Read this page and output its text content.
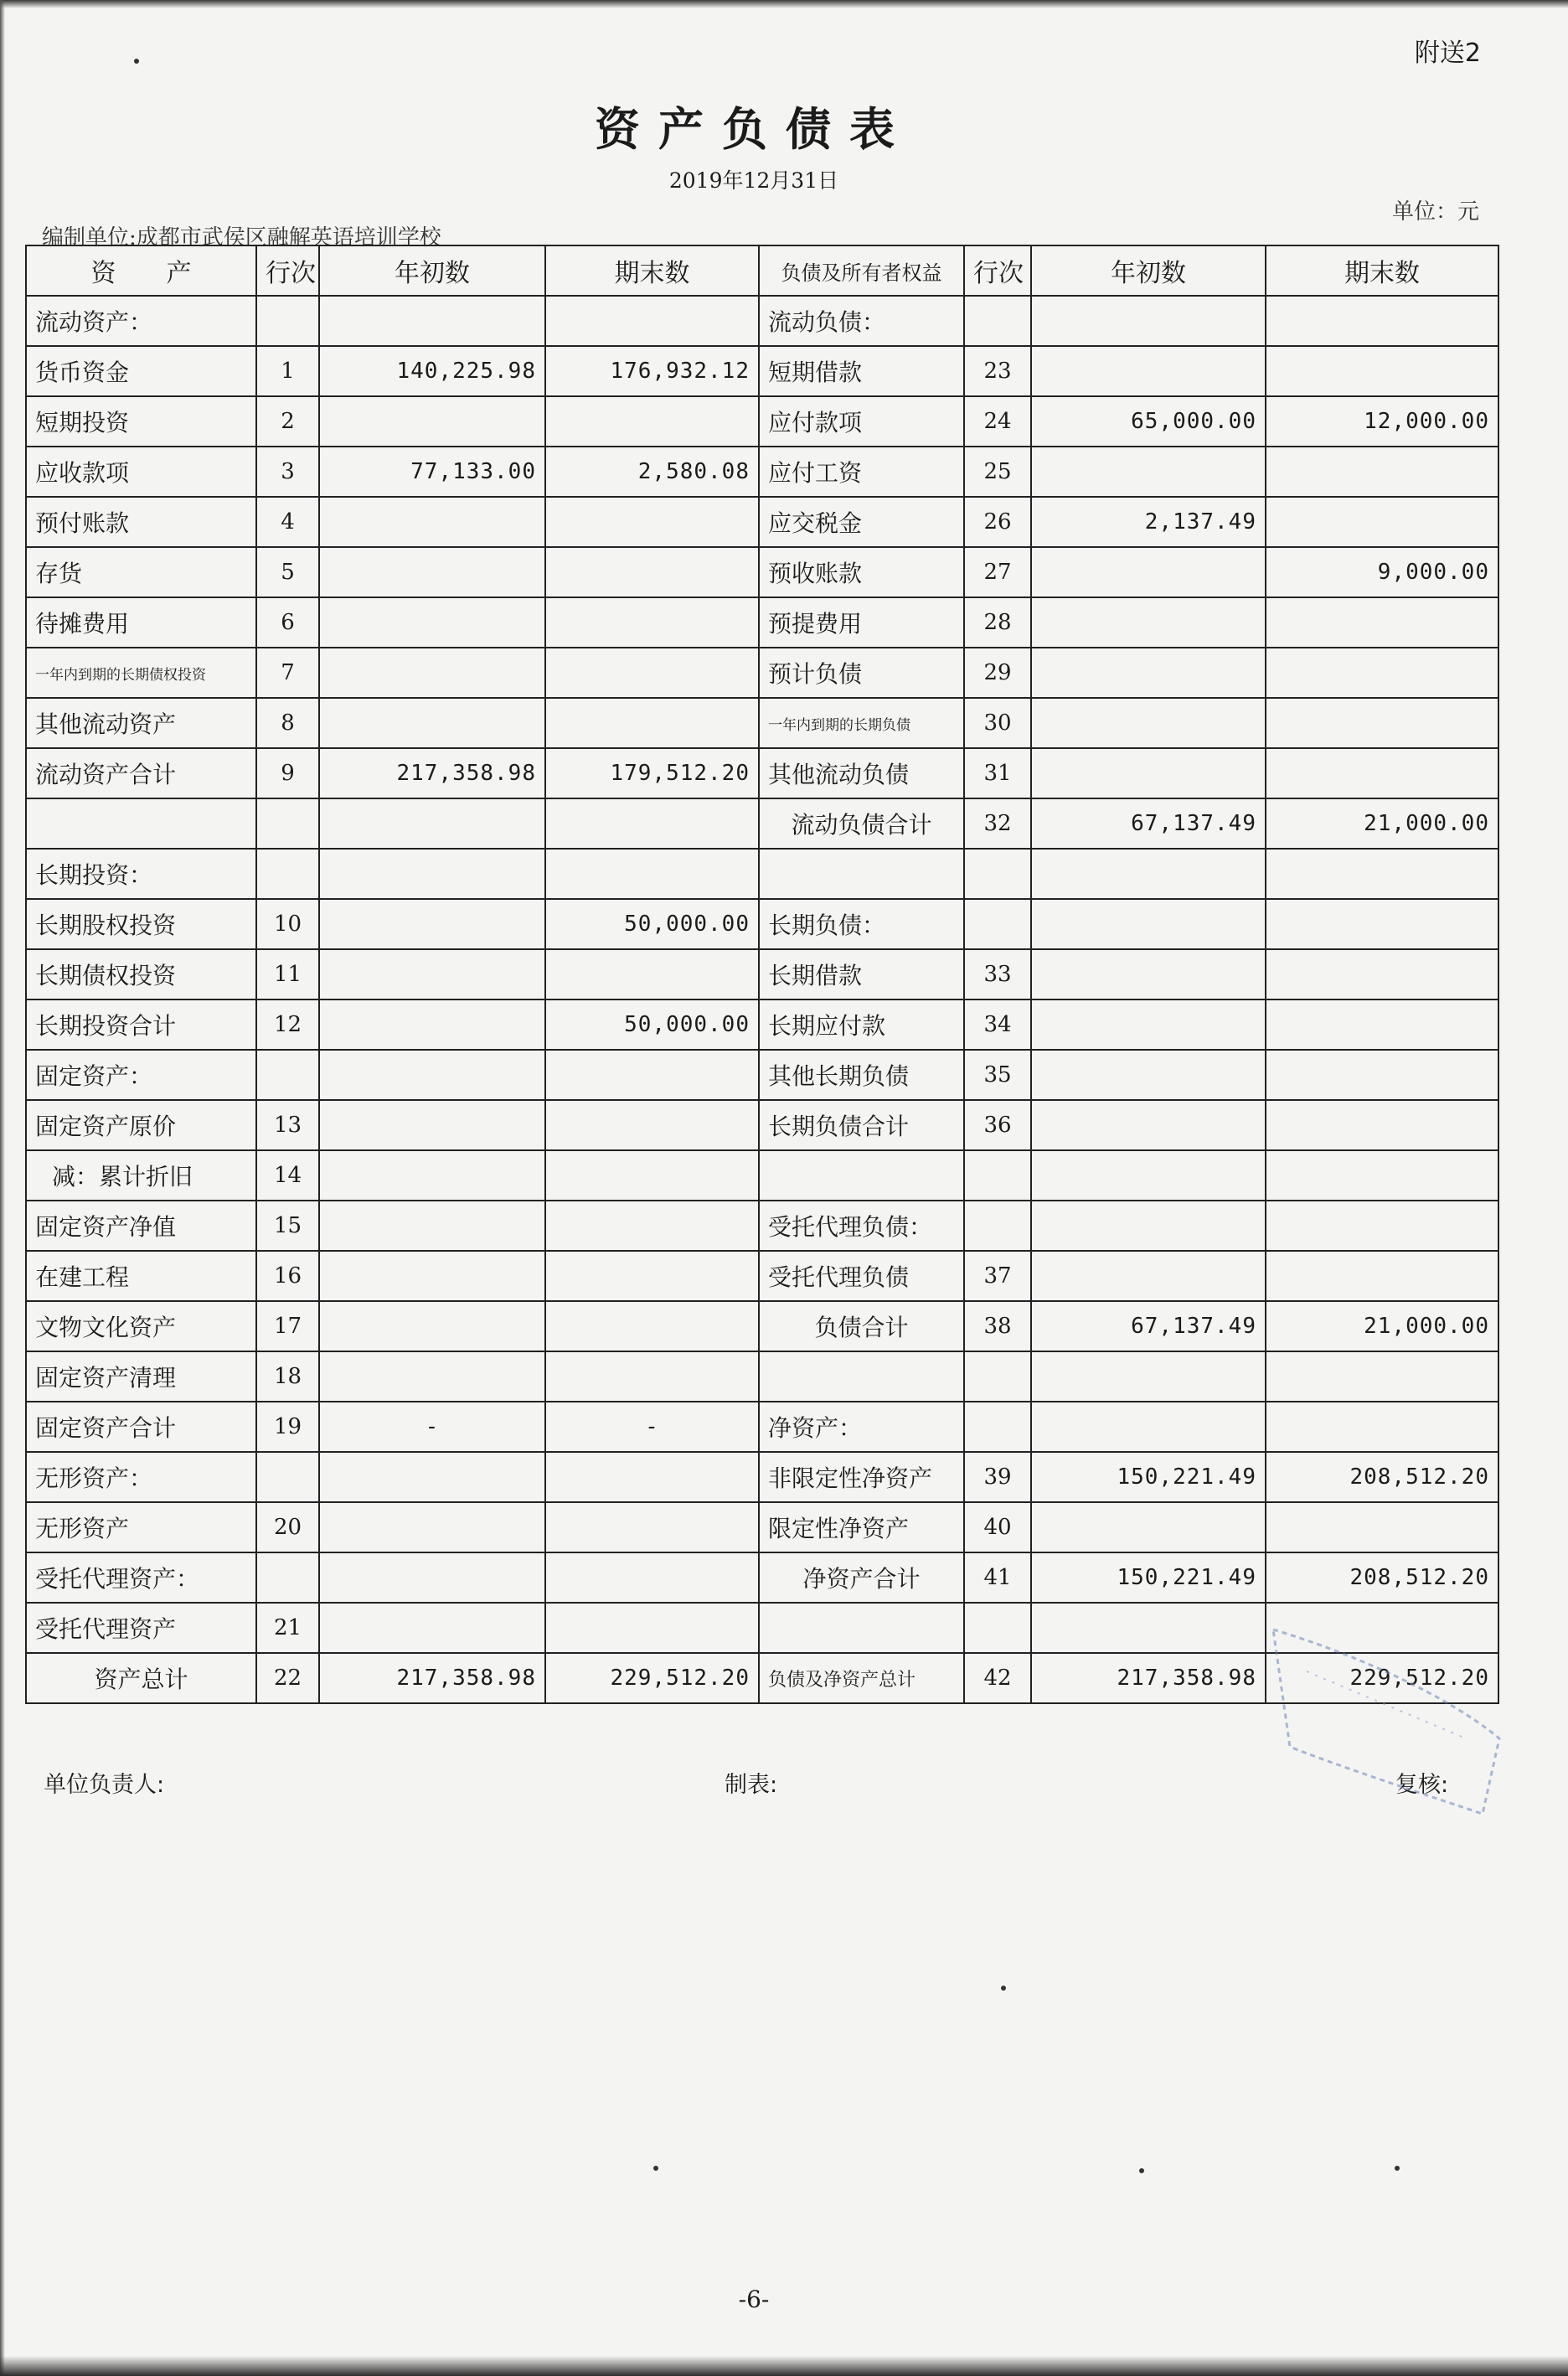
附送2
资产负债表
2019年12月31日
单位：元
编制单位:成都市武侯区融解英语培训学校
资　　产	行次	年初数	期末数	负债及所有者权益	行次	年初数	期末数
流动资产：				流动负债：			
货币资金	1	140,225.98	176,932.12	短期借款	23		
短期投资	2			应付款项	24	65,000.00	12,000.00
应收款项	3	77,133.00	2,580.08	应付工资	25		
预付账款	4			应交税金	26	2,137.49	
存货	5			预收账款	27		9,000.00
待摊费用	6			预提费用	28		
一年内到期的长期债权投资	7			预计负债	29		
其他流动资产	8			一年内到期的长期负债	30		
流动资产合计	9	217,358.98	179,512.20	其他流动负债	31		
				流动负债合计	32	67,137.49	21,000.00
长期投资：							
长期股权投资	10		50,000.00	长期负债：			
长期债权投资	11			长期借款	33		
长期投资合计	12		50,000.00	长期应付款	34		
固定资产：				其他长期负债	35		
固定资产原价	13			长期负债合计	36		
减：累计折旧	14						
固定资产净值	15			受托代理负债：			
在建工程	16			受托代理负债	37		
文物文化资产	17			负债合计	38	67,137.49	21,000.00
固定资产清理	18						
固定资产合计	19	-	-	净资产：			
无形资产：				非限定性净资产	39	150,221.49	208,512.20
无形资产	20			限定性净资产	40		
受托代理资产：				净资产合计	41	150,221.49	208,512.20
受托代理资产	21						
资产总计	22	217,358.98	229,512.20	负债及净资产总计	42	217,358.98	229,512.20
单位负责人:	制表:	复核:
-6-
